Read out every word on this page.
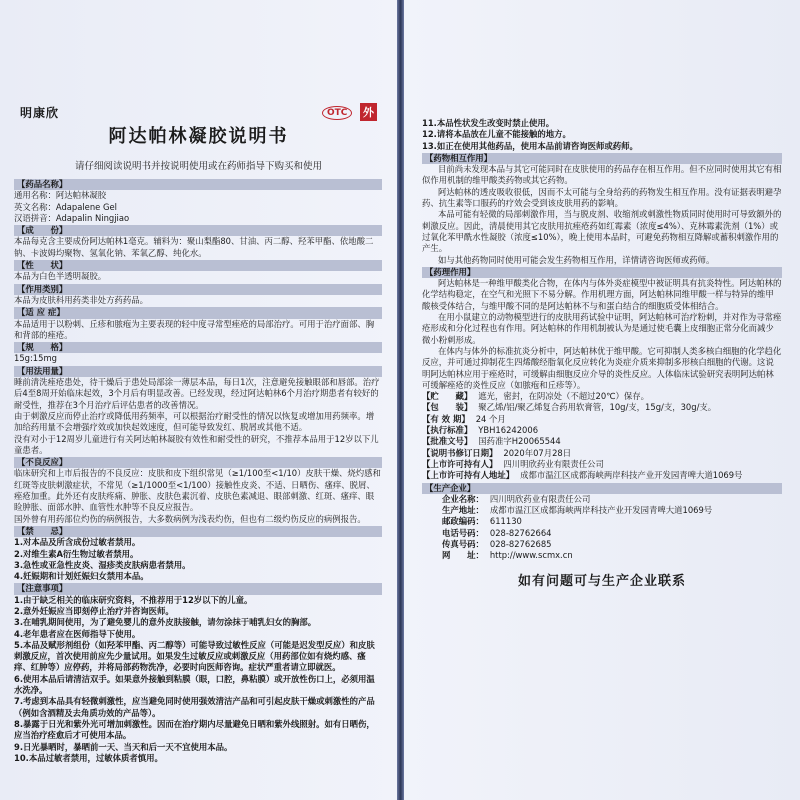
明康欣	OTC	外
阿达帕林凝胶说明书
请仔细阅读说明书并按说明使用或在药师指导下购买和使用
【药品名称】
通用名称：阿达帕林凝胶
英文名称：Adapalene Gel
汉语拼音：Adapalin Ningjiao
【成　　份】
本品每克含主要成份阿达帕林1毫克。辅料为：聚山梨酯80、甘油、丙二醇、羟苯甲酯、依地酸二钠、卡波姆均聚物、氢氧化钠、苯氧乙醇、纯化水。
【性　　状】
本品为白色半透明凝胶。
【作用类别】
本品为皮肤科用药类非处方药药品。
【适 应 症】
本品适用于以粉刺、丘疹和脓疱为主要表现的轻中度寻常型痤疮的局部治疗。可用于治疗面部、胸和背部的痤疮。
【规　　格】
15g:15mg
【用法用量】
睡前清洗痤疮患处，待干燥后于患处局部涂一薄层本品，每日1次，注意避免接触眼部和唇部。治疗后4至8周开始临床起效，3个月后有明显改善。已经发现，经过阿达帕林6个月治疗期患者有较好的耐受性，推荐在3个月治疗后评估患者的改善情况。
由于刺激反应而停止治疗或降低用药频率，可以根据治疗耐受性的情况以恢复或增加用药频率。增加给药用量不会增强疗效或加快起效速度，但可能导致发红、脱屑或其他不适。
没有对小于12周岁儿童进行有关阿达帕林凝胶有效性和耐受性的研究，不推荐本品用于12岁以下儿童患者。
【不良反应】
临床研究和上市后报告的不良反应：皮肤和皮下组织常见（≥1/100至<1/10）皮肤干燥、烧灼感和红斑等皮肤刺激症状，不常见（≥1/1000至<1/100）接触性皮炎、不适、日晒伤、瘙痒、脱屑、痤疮加重。此外还有皮肤疼痛、肿胀、皮肤色素沉着、皮肤色素减退、眼部刺激、红斑、瘙痒、眼睑肿胀、面部水肿、血管性水肿等不良反应报告。
国外曾有用药部位灼伤的病例报告，大多数病例为浅表灼伤，但也有二级灼伤反应的病例报告。
【禁　　忌】
1.对本品及所含成份过敏者禁用。
2.对维生素A衍生物过敏者禁用。
3.急性或亚急性皮炎、湿疹类皮肤病患者禁用。
4.妊娠期和计划妊娠妇女禁用本品。
【注意事项】
1.由于缺乏相关的临床研究资料，不推荐用于12岁以下的儿童。
2.意外妊娠应当即刻停止治疗并咨询医师。
3.在哺乳期间使用，为了避免婴儿的意外皮肤接触，请勿涂抹于哺乳妇女的胸部。
4.老年患者应在医师指导下使用。
5.本品及赋形剂组份（如羟苯甲酯、丙二醇等）可能导致过敏性反应（可能是迟发型反应）和皮肤刺激反应，首次使用前应先少量试用。如果发生过敏反应或刺激反应（用药部位如有烧灼感、瘙痒、红肿等）应停药，并将局部药物洗净，必要时向医师咨询。症状严重者请立即就医。
6.使用本品后请清洁双手。如果意外接触到粘膜（眼，口腔，鼻粘膜）或开放性伤口上，必须用温水洗净。
7.考虑到本品具有轻微刺激性，应当避免同时使用强效清洁产品和可引起皮肤干燥或刺激性的产品（例如含酒精及去角质功效的产品等）。
8.暴露于日光和紫外光可增加刺激性。因而在治疗期内尽量避免日晒和紫外线照射。如有日晒伤，应当治疗痊愈后才可使用本品。
9.日光暴晒时，暴晒前一天、当天和后一天不宜使用本品。
10.本品过敏者禁用，过敏体质者慎用。
11.本品性状发生改变时禁止使用。
12.请将本品放在儿童不能接触的地方。
13.如正在使用其他药品，使用本品前请咨询医师或药师。
【药物相互作用】
目前尚未发现本品与其它可能同时在皮肤使用的药品存在相互作用。但不应同时使用其它有相似作用机制的维甲酸类药物或其它药物。
阿达帕林的透皮吸收很低，因而不太可能与全身给药的药物发生相互作用。没有证据表明避孕药、抗生素等口服药的疗效会受到该皮肤用药的影响。
本品可能有轻微的局部刺激作用，当与脱皮剂、收缩剂或刺激性物质同时使用时可导致额外的刺激反应。因此，清晨使用其它皮肤用抗痤疮药如红霉素（浓度≤4%）、克林霉素洗剂（1%）或过氧化苯甲酰水性凝胶（浓度≤10%），晚上使用本品时，可避免药物相互降解或蓄积刺激作用的产生。
如与其他药物同时使用可能会发生药物相互作用，详情请咨询医师或药师。
【药理作用】
阿达帕林是一种维甲酸类化合物，在体内与体外炎症模型中被证明具有抗炎特性。阿达帕林的化学结构稳定，在空气和光照下不易分解。作用机理方面，阿达帕林同维甲酸一样与特异的维甲酸核受体结合，与维甲酸不同的是阿达帕林不与和蛋白结合的细胞质受体相结合。
在用小鼠建立的动物模型进行的皮肤用药试验中证明，阿达帕林可治疗粉刺，并对作为寻常痤疮形成和分化过程也有作用。阿达帕林的作用机制被认为是通过使毛囊上皮细胞正常分化而减少微小粉刺形成。
在体内与体外的标准抗炎分析中，阿达帕林优于维甲酸。它可抑制人类多核白细胞的化学趋化反应，并可通过抑制花生四烯酸经脂氧化反应转化为炎症介质来抑制多形核白细胞的代谢。这说明阿达帕林应用于痤疮时，可缓解由细胞反应介导的炎性反应。人体临床试验研究表明阿达帕林可缓解痤疮的炎性反应（如脓疱和丘疹等）。
【贮　　藏】 遮光，密封，在阴凉处（不超过20℃）保存。
【包　　装】 聚乙烯/铝/聚乙烯复合药用软膏管，10g/支，15g/支，30g/支。
【有 效 期】 24 个月
【执行标准】 YBH16242006
【批准文号】 国药准字H20065544
【说明书修订日期】 2020年07月28日
【上市许可持有人】 四川明欣药业有限责任公司
【上市许可持有人地址】 成都市温江区成都海峡两岸科技产业开发园青啤大道1069号
【生产企业】
企业名称： 四川明欣药业有限责任公司
生产地址： 成都市温江区成都海峡两岸科技产业开发园青啤大道1069号
邮政编码： 611130
电话号码： 028-82762664
传真号码： 028-82762685
网　　址： http://www.scmx.cn
如有问题可与生产企业联系
